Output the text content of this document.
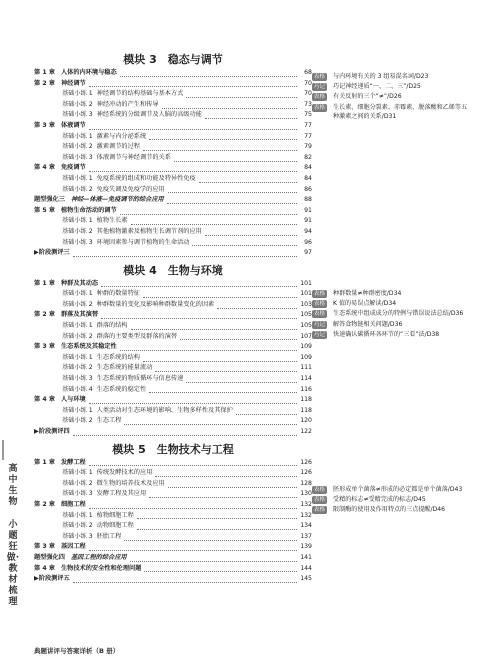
模块 3　稳态与调节
第 1 章 人体的内环境与稳态	68
第 2 章 神经调节	70
基础小练 1 神经调节的结构基础与基本方式	70
基础小练 2 神经冲动的产生和传导	73
基础小练 3 神经系统的分级调节及人脑的高级功能	75
第 3 章 体液调节	77
基础小练 1 激素与内分泌系统	77
基础小练 2 激素调节的过程	79
基础小练 3 体液调节与神经调节的关系	82
第 4 章 免疫调节	84
基础小练 1 免疫系统的组成和功能及特异性免疫	84
基础小练 2 免疫失调及免疫学的应用	86
题型强化三 神经—体液—免疫调节的综合应用	88
第 5 章 植物生命活动的调节	91
基础小练 1 植物生长素	91
基础小练 2 其他植物激素及植物生长调节剂的应用	94
基础小练 3 环境因素参与调节植物的生命活动	96
▶阶段测评三	97
模块 4　生物与环境
第 1 章 种群及其动态	101
基础小练 1 种群的数量特征	101
基础小练 2 种群数量的变化及影响种群数量变化的因素	103
第 2 章 群落及其演替	105
基础小练 1 群落的结构	105
基础小练 2 群落的主要类型及群落的演替	107
第 3 章 生态系统及其稳定性	109
基础小练 1 生态系统的结构	109
基础小练 2 生态系统的能量流动	111
基础小练 3 生态系统的物质循环与信息传递	114
基础小练 4 生态系统的稳定性	116
第 4 章 人与环境	118
基础小练 1 人类活动对生态环境的影响、生物多样性及其保护	118
基础小练 2 生态工程	120
▶阶段测评四	122
模块 5　生物技术与工程
第 1 章 发酵工程	126
基础小练 1 传统发酵技术的应用	126
基础小练 2 微生物的培养技术及应用	128
基础小练 3 发酵工程及其应用	130
第 2 章 细胞工程	132
基础小练 1 植物细胞工程	132
基础小练 2 动物细胞工程	134
基础小练 3 胚胎工程	137
第 3 章 基因工程	139
题型强化四 基因工程的综合应用	141
第 4 章 生物技术的安全性和伦理问题	144
▶阶段测评五	145
表格	与内环境有关的 3 组易混名词/D23
巧记	巧记神经递质“一、二、三”/D25
表格	有关反射的三个“≠”/D26
表格	生长素、细胞分裂素、赤霉素、脱落酸和乙烯等五种激素之间的关系/D31
表格	种群数量≠种群密度/D34
表格	K 值的易误点解读/D34
表格	生态系统中组成成分的特例与错误说法总结/D36
巧记	解答食物链相关问题/D36
巧记	快速确认碳循环各环节的“三看”法/D38
表格	胚形成单个菌落≠形成的必定都是单个菌落/D43
表格	受精的标志≠受精完成的标志/D45
表格	限制酶的使用及作用特点的三点提醒/D46
高中生物
小题狂做·教材梳理
典题讲评与答案详析（B 册）
